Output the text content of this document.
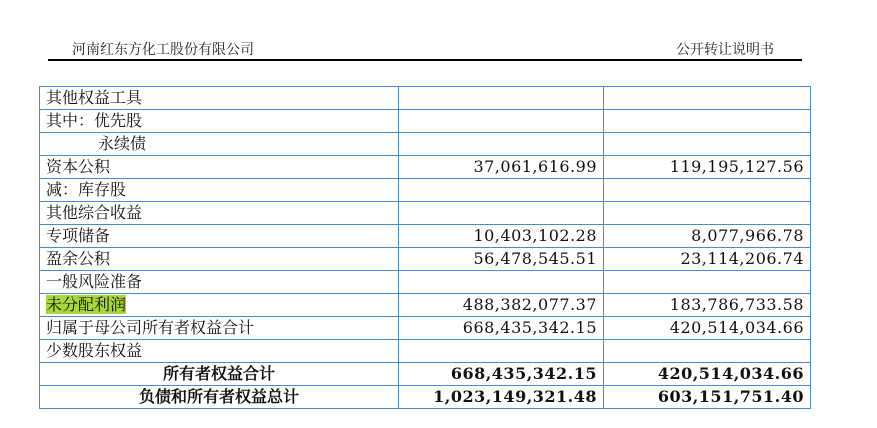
河南红东方化工股份有限公司	公开转让说明书
其他权益工具		
其中：优先股		
永续债		
资本公积	37,061,616.99	119,195,127.56
减：库存股		
其他综合收益		
专项储备	10,403,102.28	8,077,966.78
盈余公积	56,478,545.51	23,114,206.74
一般风险准备		
未分配利润	488,382,077.37	183,786,733.58
归属于母公司所有者权益合计	668,435,342.15	420,514,034.66
少数股东权益		
所有者权益合计	668,435,342.15	420,514,034.66
负债和所有者权益总计	1,023,149,321.48	603,151,751.40
